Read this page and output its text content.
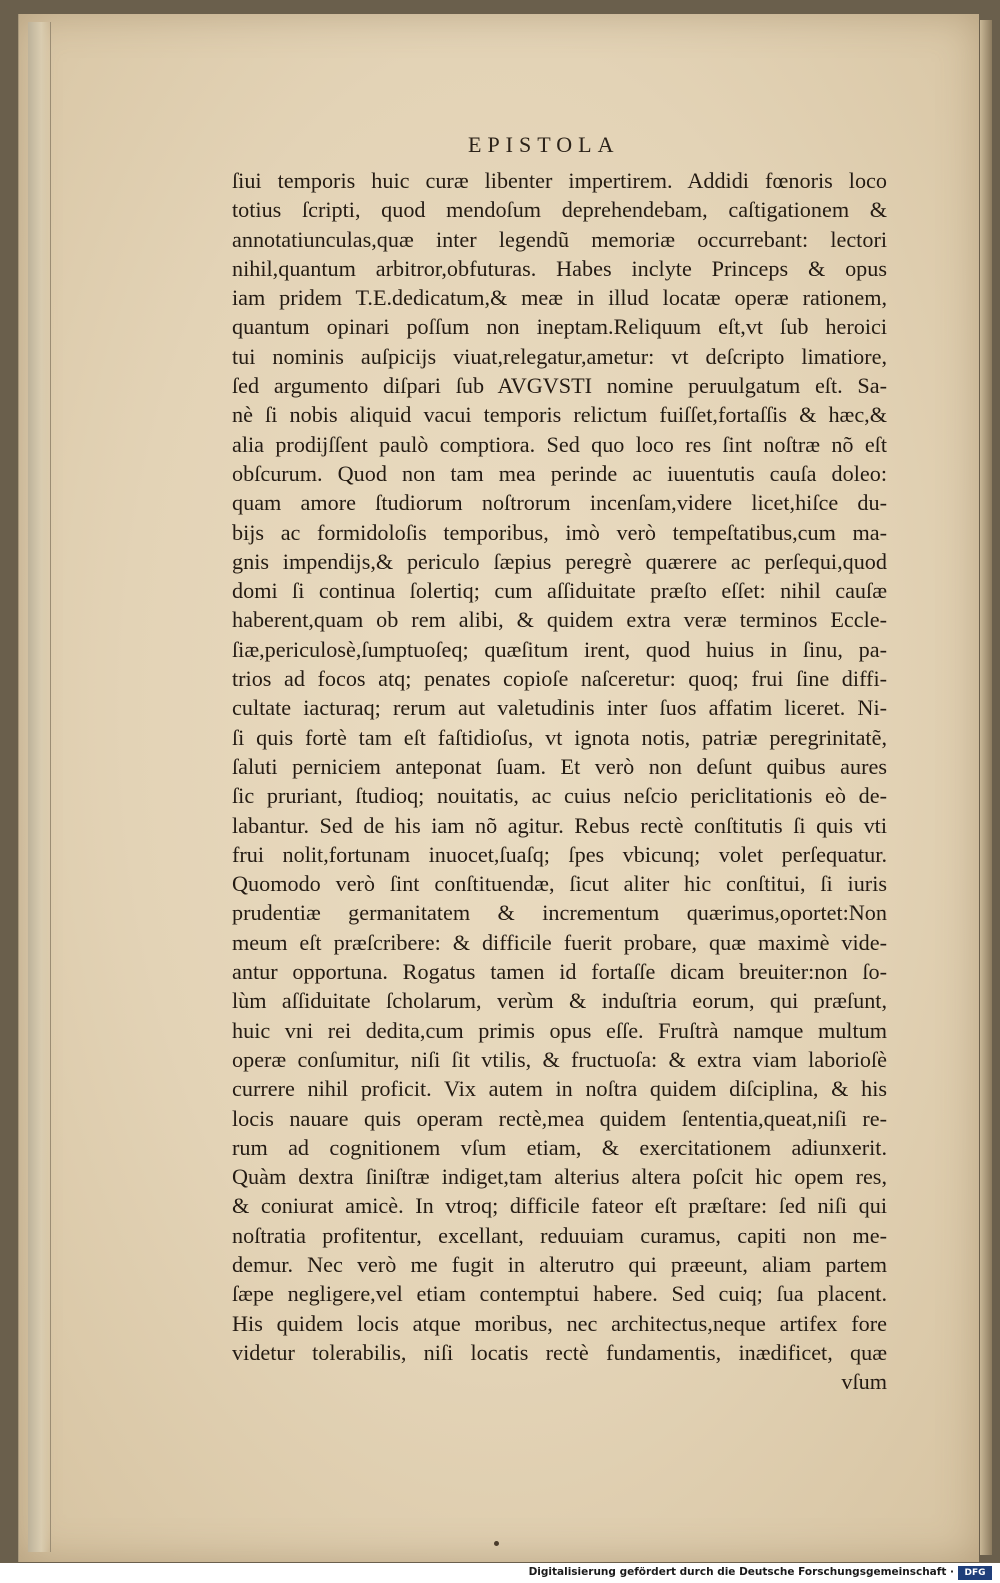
EPISTOLA
ſiui temporis huic curæ libenter impertirem. Addidi fœnoris loco
totius ſcripti, quod mendoſum deprehendebam, caſtigationem &
annotatiunculas,quæ inter legendũ memoriæ occurrebant: lectori
nihil,quantum arbitror,obfuturas. Habes inclyte Princeps & opus
iam pridem T.E.dedicatum,& meæ in illud locatæ operæ rationem,
quantum opinari poſſum non ineptam.Reliquum eſt,vt ſub heroici
tui nominis auſpicijs viuat,relegatur,ametur: vt deſcripto limatiore,
ſed argumento diſpari ſub AVGVSTI nomine peruulgatum eſt. Sa-
nè ſi nobis aliquid vacui temporis relictum fuiſſet,fortaſſis & hæc,&
alia prodijſſent paulò comptiora. Sed quo loco res ſint noſtræ nõ eſt
obſcurum. Quod non tam mea perinde ac iuuentutis cauſa doleo:
quam amore ſtudiorum noſtrorum incenſam,videre licet,hiſce du-
bijs ac formidoloſis temporibus, imò verò tempeſtatibus,cum ma-
gnis impendijs,& periculo ſæpius peregrè quærere ac perſequi,quod
domi ſi continua ſolertiq; cum aſſiduitate præſto eſſet: nihil cauſæ
haberent,quam ob rem alibi, & quidem extra veræ terminos Eccle-
ſiæ,periculosè,ſumptuoſeq; quæſitum irent, quod huius in ſinu, pa-
trios ad focos atq; penates copioſe naſceretur: quoq; frui ſine diffi-
cultate iacturaq; rerum aut valetudinis inter ſuos affatim liceret. Ni-
ſi quis fortè tam eſt faſtidioſus, vt ignota notis, patriæ peregrinitatẽ,
ſaluti perniciem anteponat ſuam. Et verò non deſunt quibus aures
ſic pruriant, ſtudioq; nouitatis, ac cuius neſcio periclitationis eò de-
labantur. Sed de his iam nõ agitur. Rebus rectè conſtitutis ſi quis vti
frui nolit,fortunam inuocet,ſuaſq; ſpes vbicunq; volet perſequatur.
Quomodo verò ſint conſtituendæ, ſicut aliter hic conſtitui, ſi iuris
prudentiæ germanitatem & incrementum quærimus,oportet:Non
meum eſt præſcribere: & difficile fuerit probare, quæ maximè vide-
antur opportuna. Rogatus tamen id fortaſſe dicam breuiter:non ſo-
lùm aſſiduitate ſcholarum, verùm & induſtria eorum, qui præſunt,
huic vni rei dedita,cum primis opus eſſe. Fruſtrà namque multum
operæ conſumitur, niſi ſit vtilis, & fructuoſa: & extra viam laborioſè
currere nihil proficit. Vix autem in noſtra quidem diſciplina, & his
locis nauare quis operam rectè,mea quidem ſententia,queat,niſi re-
rum ad cognitionem vſum etiam, & exercitationem adiunxerit.
Quàm dextra ſiniſtræ indiget,tam alterius altera poſcit hic opem res,
& coniurat amicè. In vtroq; difficile fateor eſt præſtare: ſed niſi qui
noſtratia profitentur, excellant, reduuiam curamus, capiti non me-
demur. Nec verò me fugit in alterutro qui præeunt, aliam partem
ſæpe negligere,vel etiam contemptui habere. Sed cuiq; ſua placent.
His quidem locis atque moribus, nec architectus,neque artifex fore
videtur tolerabilis, niſi locatis rectè fundamentis, inædificet, quæ
vſum
Digitalisierung gefördert durch die Deutsche Forschungsgemeinschaft ·	DFG
